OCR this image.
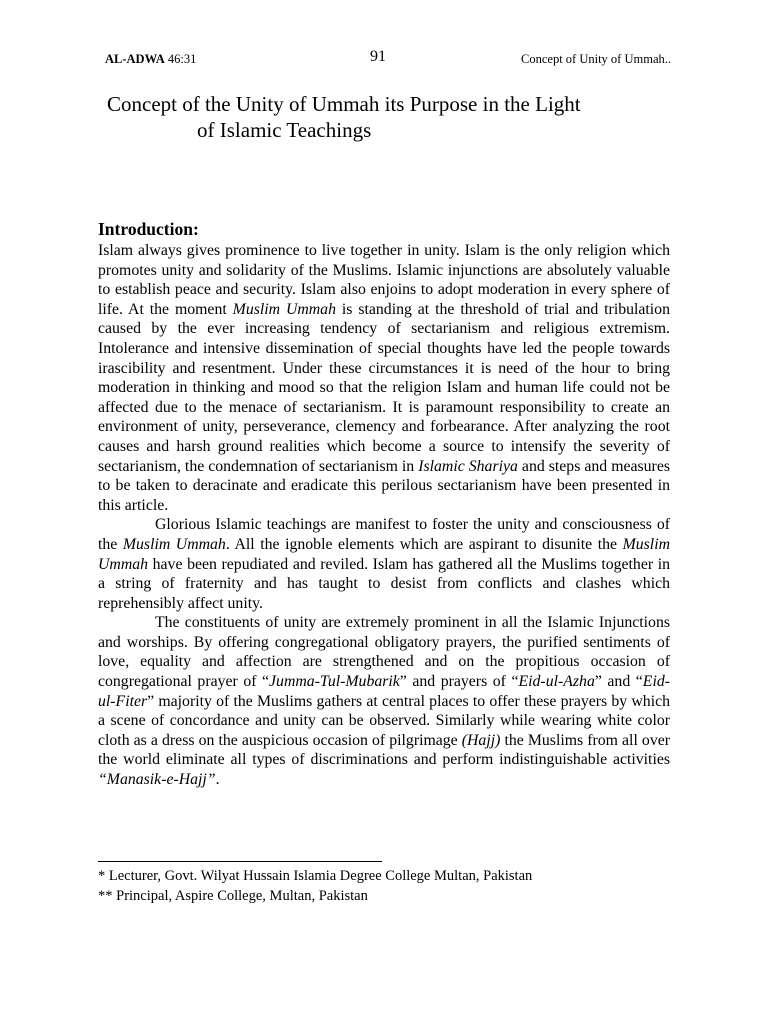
AL-ADWA 46:31	91	Concept of Unity of Ummah..
Concept of the Unity of Ummah its Purpose in the Light
of Islamic Teachings
Introduction:

Islam always gives prominence to live together in unity. Islam is the only religion which promotes unity and solidarity of the Muslims. Islamic injunctions are absolutely valuable to establish peace and security. Islam also enjoins to adopt moderation in every sphere of life. At the moment Muslim Ummah is standing at the threshold of trial and tribulation caused by the ever increasing tendency of sectarianism and religious extremism. Intolerance and intensive dissemination of special thoughts have led the people towards irascibility and resentment. Under these circumstances it is need of the hour to bring moderation in thinking and mood so that the religion Islam and human life could not be affected due to the menace of sectarianism. It is paramount responsibility to create an environment of unity, perseverance, clemency and forbearance. After analyzing the root causes and harsh ground realities which become a source to intensify the severity of sectarianism, the condemnation of sectarianism in Islamic Shariya and steps and measures to be taken to deracinate and eradicate this perilous sectarianism have been presented in this article.

Glorious Islamic teachings are manifest to foster the unity and consciousness of the Muslim Ummah. All the ignoble elements which are aspirant to disunite the Muslim Ummah have been repudiated and reviled. Islam has gathered all the Muslims together in a string of fraternity and has taught to desist from conflicts and clashes which reprehensibly affect unity.

The constituents of unity are extremely prominent in all the Islamic Injunctions and worships. By offering congregational obligatory prayers, the purified sentiments of love, equality and affection are strengthened and on the propitious occasion of congregational prayer of “Jumma-Tul-Mubarik” and prayers of “Eid-ul-Azha” and “Eid-ul-Fiter” majority of the Muslims gathers at central places to offer these prayers by which a scene of concordance and unity can be observed. Similarly while wearing white color cloth as a dress on the auspicious occasion of pilgrimage (Hajj) the Muslims from all over the world eliminate all types of discriminations and perform indistinguishable activities “Manasik-e-Hajj”.

* Lecturer, Govt. Wilyat Hussain Islamia Degree College Multan, Pakistan
** Principal, Aspire College, Multan, Pakistan
